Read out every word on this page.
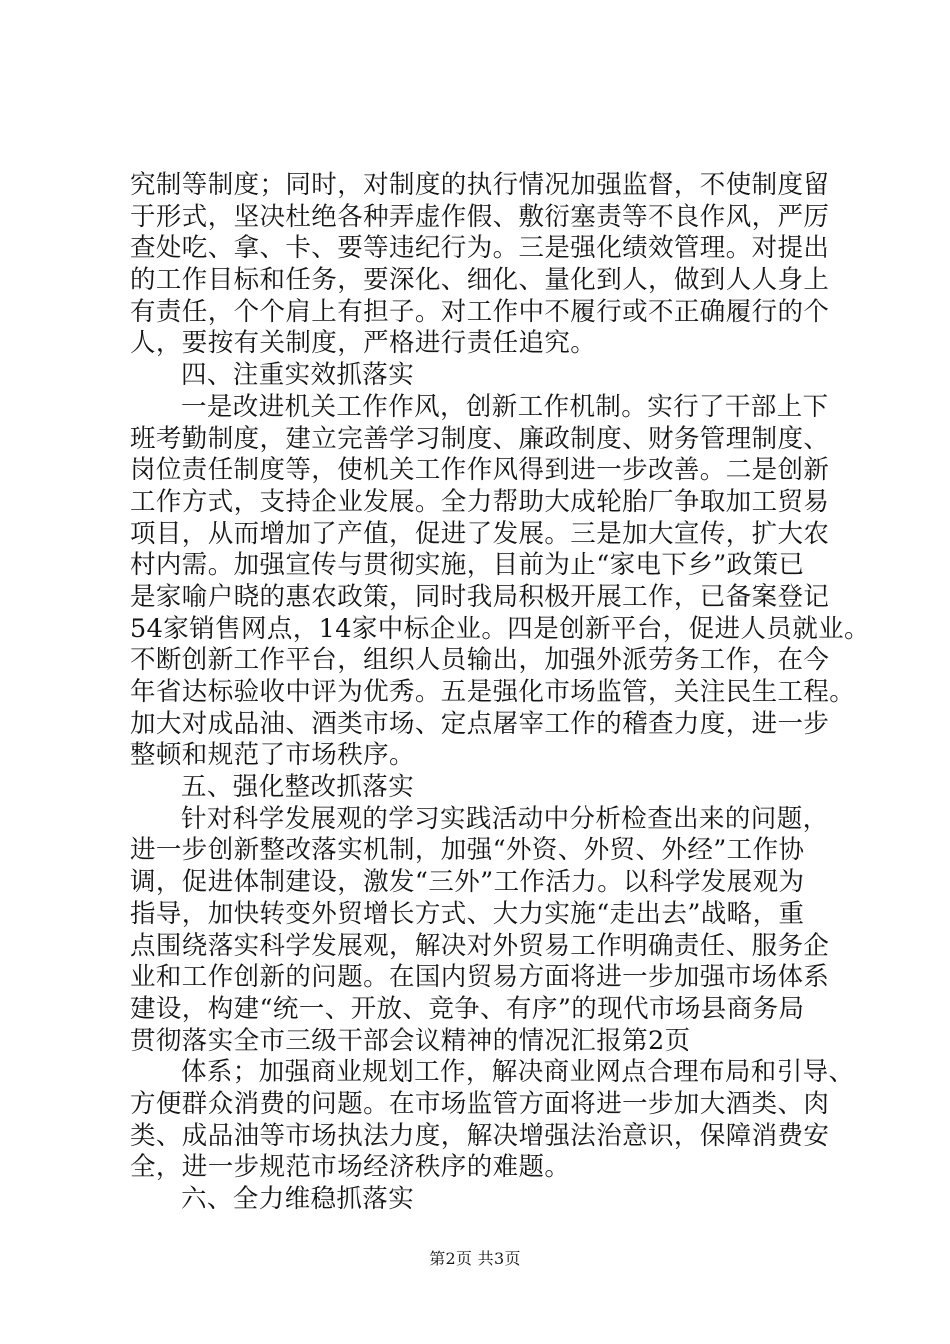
究制等制度；同时，对制度的执行情况加强监督，不使制度留
于形式，坚决杜绝各种弄虚作假、敷衍塞责等不良作风，严厉
查处吃、拿、卡、要等违纪行为。三是强化绩效管理。对提出
的工作目标和任务，要深化、细化、量化到人，做到人人身上
有责任，个个肩上有担子。对工作中不履行或不正确履行的个
人，要按有关制度，严格进行责任追究。
四、注重实效抓落实
一是改进机关工作作风，创新工作机制。实行了干部上下
班考勤制度，建立完善学习制度、廉政制度、财务管理制度、
岗位责任制度等，使机关工作作风得到进一步改善。二是创新
工作方式，支持企业发展。全力帮助大成轮胎厂争取加工贸易
项目，从而增加了产值，促进了发展。三是加大宣传，扩大农
村内需。加强宣传与贯彻实施，目前为止“家电下乡”政策已
是家喻户晓的惠农政策，同时我局积极开展工作，已备案登记
54家销售网点，14家中标企业。四是创新平台，促进人员就业。
不断创新工作平台，组织人员输出，加强外派劳务工作，在今
年省达标验收中评为优秀。五是强化市场监管，关注民生工程。
加大对成品油、酒类市场、定点屠宰工作的稽查力度，进一步
整顿和规范了市场秩序。
五、强化整改抓落实
针对科学发展观的学习实践活动中分析检查出来的问题，
进一步创新整改落实机制，加强“外资、外贸、外经”工作协
调，促进体制建设，激发“三外”工作活力。以科学发展观为
指导，加快转变外贸增长方式、大力实施“走出去”战略，重
点围绕落实科学发展观，解决对外贸易工作明确责任、服务企
业和工作创新的问题。在国内贸易方面将进一步加强市场体系
建设，构建“统一、开放、竞争、有序”的现代市场县商务局
贯彻落实全市三级干部会议精神的情况汇报第2页
体系；加强商业规划工作，解决商业网点合理布局和引导、
方便群众消费的问题。在市场监管方面将进一步加大酒类、肉
类、成品油等市场执法力度，解决增强法治意识，保障消费安
全，进一步规范市场经济秩序的难题。
六、全力维稳抓落实
第2页 共3页
